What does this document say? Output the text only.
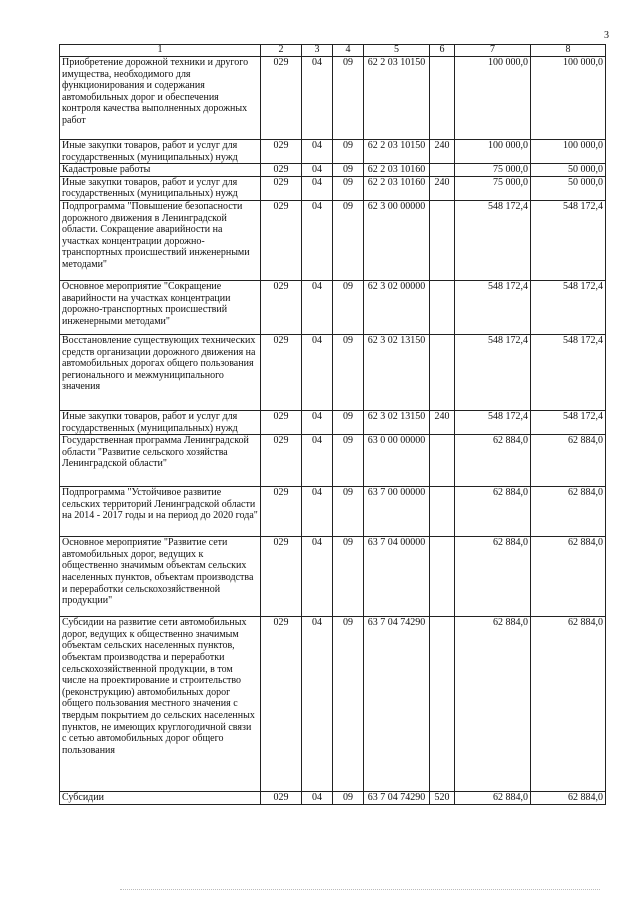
3
1	2	3	4	5	6	7	8
Приобретение дорожной техники и другого имущества, необходимого для функционирования и содержания автомобильных дорог и обеспечения контроля качества выполненных дорожных работ	029	04	09	62 2 03 10150		100 000,0	100 000,0
Иные закупки товаров, работ и услуг для государственных (муниципальных) нужд	029	04	09	62 2 03 10150	240	100 000,0	100 000,0
Кадастровые работы	029	04	09	62 2 03 10160		75 000,0	50 000,0
Иные закупки товаров, работ и услуг для государственных (муниципальных) нужд	029	04	09	62 2 03 10160	240	75 000,0	50 000,0
Подпрограмма "Повышение безопасности дорожного движения в Ленинградской области. Сокращение аварийности на участках концентрации дорожно-транспортных происшествий инженерными методами"	029	04	09	62 3 00 00000		548 172,4	548 172,4
Основное мероприятие "Сокращение аварийности на участках концентрации дорожно-транспортных происшествий инженерными методами"	029	04	09	62 3 02 00000		548 172,4	548 172,4
Восстановление существующих технических средств организации дорожного движения на автомобильных дорогах общего пользования регионального и межмуниципального значения	029	04	09	62 3 02 13150		548 172,4	548 172,4
Иные закупки товаров, работ и услуг для государственных (муниципальных) нужд	029	04	09	62 3 02 13150	240	548 172,4	548 172,4
Государственная программа Ленинградской области "Развитие сельского хозяйства Ленинградской области"	029	04	09	63 0 00 00000		62 884,0	62 884,0
Подпрограмма "Устойчивое развитие сельских территорий Ленинградской области на 2014 - 2017 годы и на период до 2020 года"	029	04	09	63 7 00 00000		62 884,0	62 884,0
Основное мероприятие "Развитие сети автомобильных дорог, ведущих к общественно значимым объектам сельских населенных пунктов, объектам производства и переработки сельскохозяйственной продукции"	029	04	09	63 7 04 00000		62 884,0	62 884,0
Субсидии на развитие сети автомобильных дорог, ведущих к общественно значимым объектам сельских населенных пунктов, объектам производства и переработки сельскохозяйственной продукции, в том числе на проектирование и строительство (реконструкцию) автомобильных дорог общего пользования местного значения с твердым покрытием до сельских населенных пунктов, не имеющих круглогодичной связи с сетью автомобильных дорог общего пользования	029	04	09	63 7 04 74290		62 884,0	62 884,0
Субсидии	029	04	09	63 7 04 74290	520	62 884,0	62 884,0
